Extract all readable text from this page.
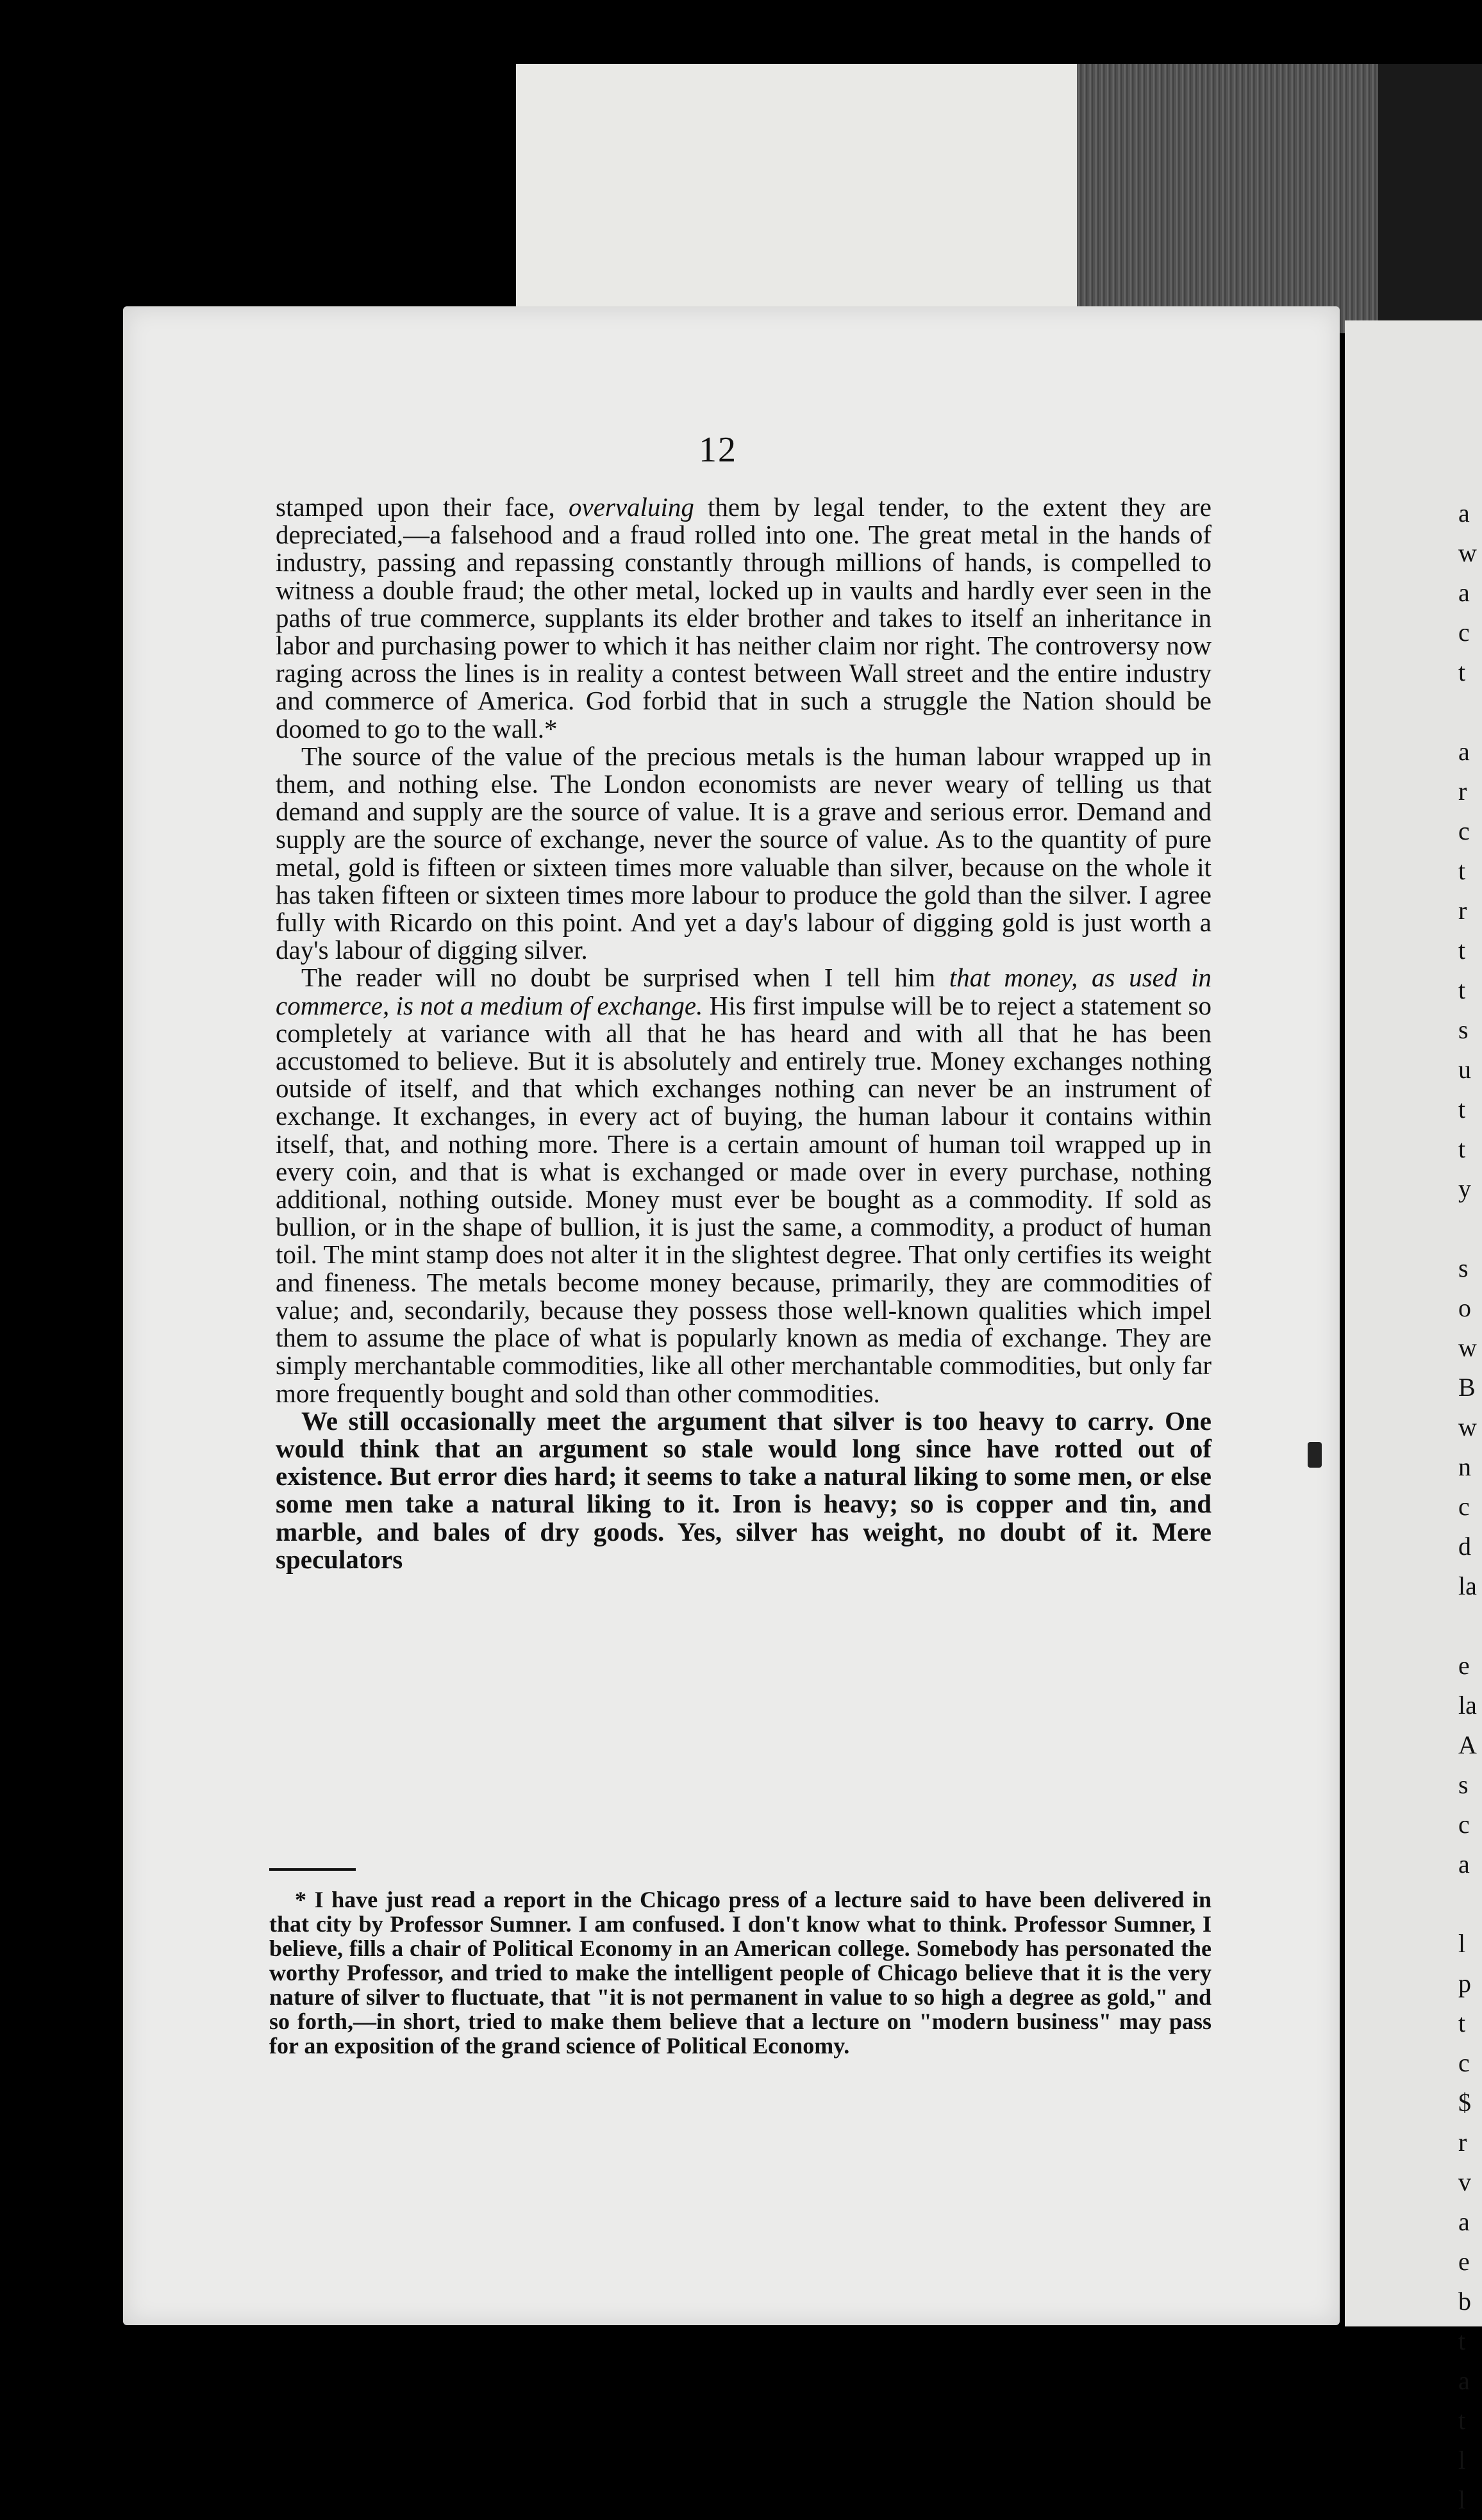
12

stamped upon their face, overvaluing them by legal tender, to the extent they are depreciated,—a falsehood and a fraud rolled into one. The great metal in the hands of industry, passing and repassing constantly through millions of hands, is compelled to witness a double fraud; the other metal, locked up in vaults and hardly ever seen in the paths of true commerce, supplants its elder brother and takes to itself an inheritance in labor and purchasing power to which it has neither claim nor right. The controversy now raging across the lines is in reality a contest between Wall street and the entire industry and commerce of America. God forbid that in such a struggle the Nation should be doomed to go to the wall.*

The source of the value of the precious metals is the human labour wrapped up in them, and nothing else. The London economists are never weary of telling us that demand and supply are the source of value. It is a grave and serious error. Demand and supply are the source of exchange, never the source of value. As to the quantity of pure metal, gold is fifteen or sixteen times more valuable than silver, because on the whole it has taken fifteen or sixteen times more labour to produce the gold than the silver. I agree fully with Ricardo on this point. And yet a day's labour of digging gold is just worth a day's labour of digging silver.

The reader will no doubt be surprised when I tell him that money, as used in commerce, is not a medium of exchange. His first impulse will be to reject a statement so completely at variance with all that he has heard and with all that he has been accustomed to believe. But it is absolutely and entirely true. Money exchanges nothing outside of itself, and that which exchanges nothing can never be an instrument of exchange. It exchanges, in every act of buying, the human labour it contains within itself, that, and nothing more. There is a certain amount of human toil wrapped up in every coin, and that is what is exchanged or made over in every purchase, nothing additional, nothing outside. Money must ever be bought as a commodity. If sold as bullion, or in the shape of bullion, it is just the same, a commodity, a product of human toil. The mint stamp does not alter it in the slightest degree. That only certifies its weight and fineness. The metals become money because, primarily, they are commodities of value; and, secondarily, because they possess those well-known qualities which impel them to assume the place of what is popularly known as media of exchange. They are simply merchantable commodities, like all other merchantable commodities, but only far more frequently bought and sold than other commodities.

We still occasionally meet the argument that silver is too heavy to carry. One would think that an argument so stale would long since have rotted out of existence. But error dies hard; it seems to take a natural liking to some men, or else some men take a natural liking to it. Iron is heavy; so is copper and tin, and marble, and bales of dry goods. Yes, silver has weight, no doubt of it. Mere speculators

* I have just read a report in the Chicago press of a lecture said to have been delivered in that city by Professor Sumner. I am confused. I don't know what to think. Professor Sumner, I believe, fills a chair of Political Economy in an American college. Somebody has personated the worthy Professor, and tried to make the intelligent people of Chicago believe that it is the very nature of silver to fluctuate, that "it is not permanent in value to so high a degree as gold," and so forth,—in short, tried to make them believe that a lecture on "modern business" may pass for an exposition of the grand science of Political Economy.
a
w
a
c
t

a
r
c
t
r
t
t
s
u
t
t
y

s
o
w
B
w
n
c
d
la

e
la
A
s
c
a

l
p
t
c
$
r
v
a
e
b
t
a
t
l
l
